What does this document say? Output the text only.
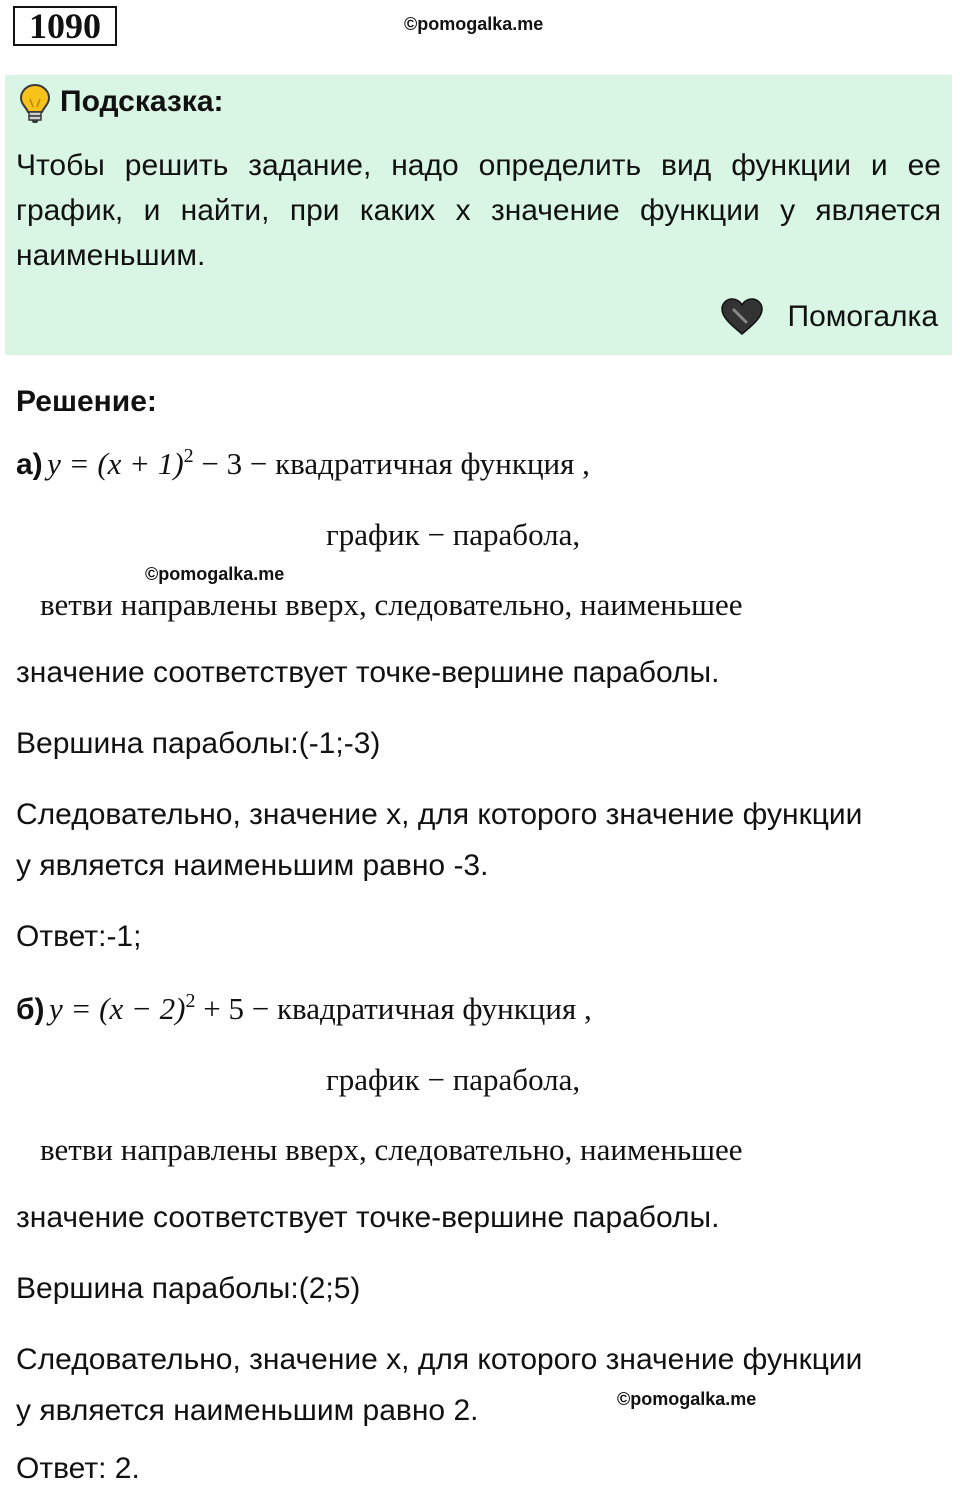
1090	©pomogalka.me
Подсказка:
Чтобы решить задание, надо определить вид функции и ее график, и найти, при каких х значение функции у является наименьшим.
Помогалка
Решение:
а) $y = (x + 1)^2 - 3$ − квадратичная функция ,
график − парабола,
©pomogalka.me
ветви направлены вверх, следовательно, наименьшее
значение соответствует точке-вершине параболы.
Вершина параболы:(-1;-3)
Следовательно, значение х, для которого значение функции
у является наименьшим равно -3.
Ответ:-1;
б) $y = (x - 2)^2 + 5$ − квадратичная функция ,
график − парабола,
ветви направлены вверх, следовательно, наименьшее
значение соответствует точке-вершине параболы.
Вершина параболы:(2;5)
Следовательно, значение х, для которого значение функции
©pomogalka.me
у является наименьшим равно 2.
Ответ: 2.
